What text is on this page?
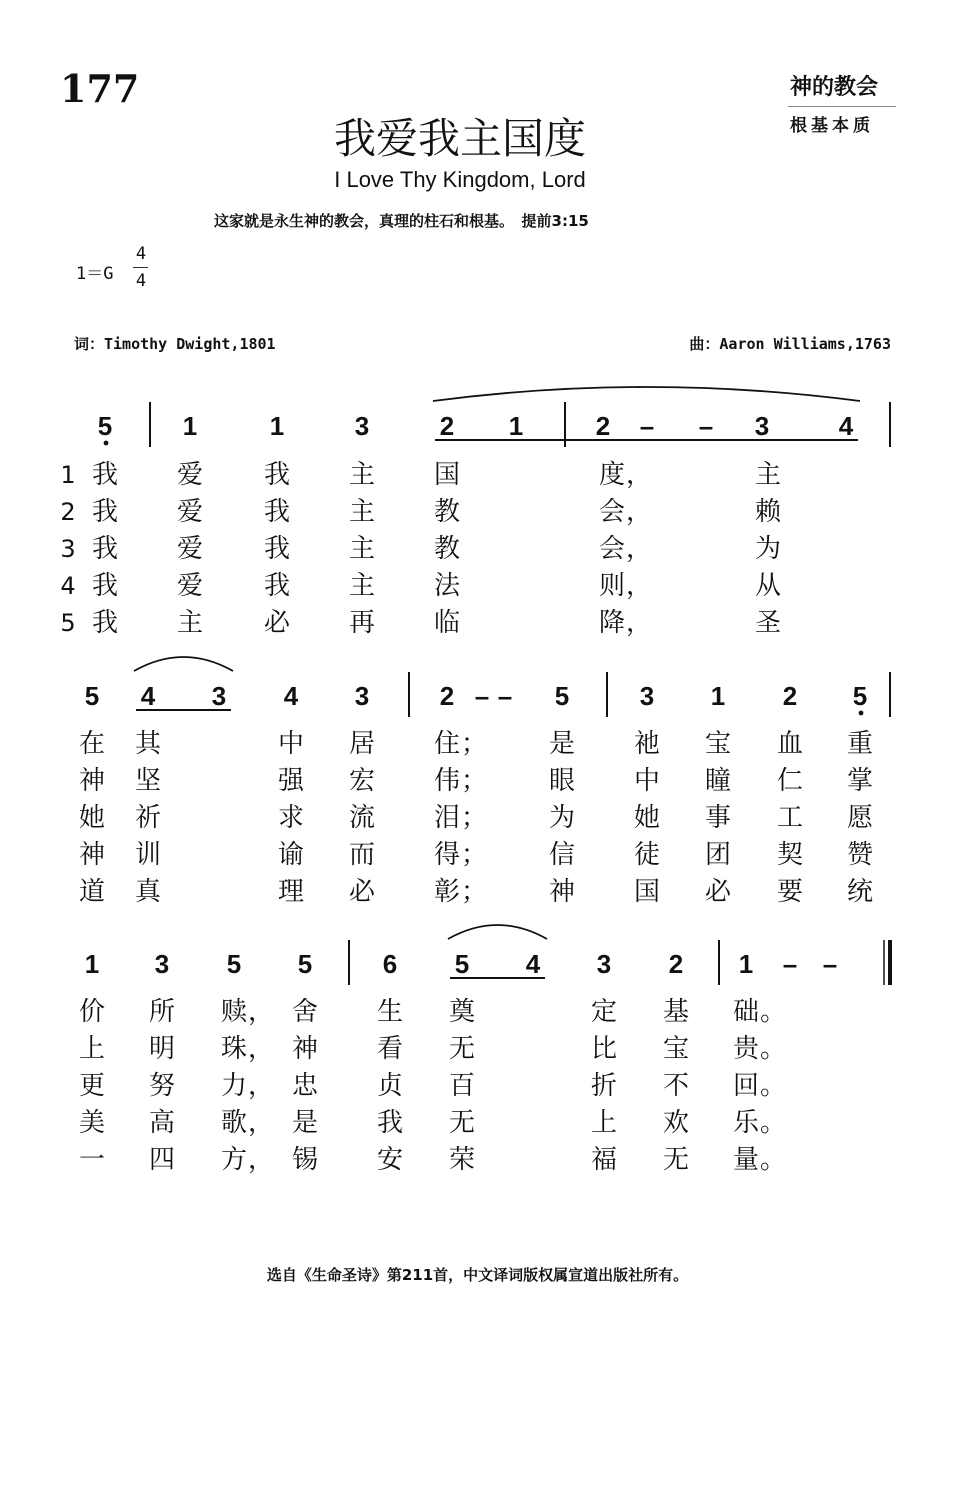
177	神的教会
根基本质
我爱我主国度
I Love Thy Kingdom, Lord
这家就是永生神的教会，真理的柱石和根基。　提前3:15
1＝G
4
4
词：Timothy Dwight,1801	曲：Aaron Williams,1763
5	1	1	3	2 1	2 – – 3	4
1 我 爱 我 主 国	度 ，	主
2 我 爱 我 主 教	会 ，	赖
3 我 爱 我 主 教	会 ，	为
4 我 爱 我 主 法	则 ，	从
5 我 主 必 再 临	降 ，	圣
5 4 3 4 3	2 – – 5	3 1 2 5
在 其	中 居 住 ； 是 祂 宝 血 重
神 坚	强 宏 伟 ； 眼 中 瞳 仁 掌
她 祈	求 流 泪 ； 为 她 事 工 愿
神 训	谕 而 得 ； 信 徒 团 契 赞
道 真	理 必 彰 ； 神 国 必 要 统
1 3 5 5	6 5 4 3 2 1 – –
价 所 赎 ， 舍 生 奠	定 基 础 。
上 明 珠 ， 神 看 无	比 宝 贵 。
更 努 力 ， 忠 贞 百	折 不 回 。
美 高 歌 ， 是 我 无	上 欢 乐 。
一 四 方 ， 锡 安 荣	福 无 量 。
选自《生命圣诗》第211首，中文译词版权属宣道出版社所有。
